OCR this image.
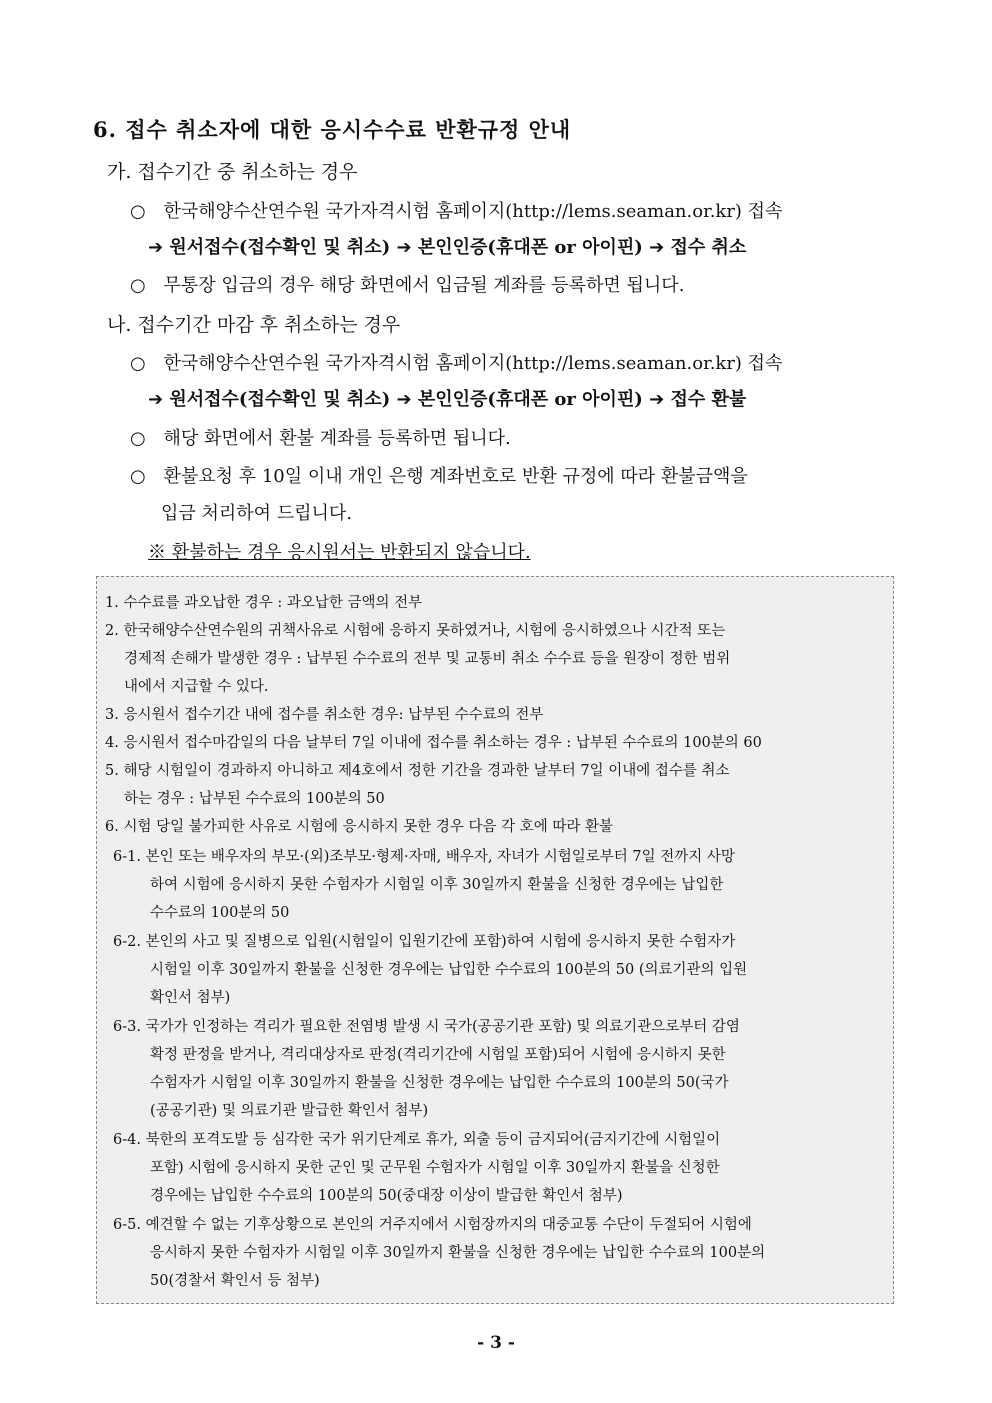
6. 접수 취소자에 대한 응시수수료 반환규정 안내
가. 접수기간 중 취소하는 경우
○ 한국해양수산연수원 국가자격시험 홈페이지(http://lems.seaman.or.kr) 접속
➔ 원서접수(접수확인 및 취소) ➔ 본인인증(휴대폰 or 아이핀) ➔ 접수 취소
○ 무통장 입금의 경우 해당 화면에서 입금될 계좌를 등록하면 됩니다.
나. 접수기간 마감 후 취소하는 경우
○ 한국해양수산연수원 국가자격시험 홈페이지(http://lems.seaman.or.kr) 접속
➔ 원서접수(접수확인 및 취소) ➔ 본인인증(휴대폰 or 아이핀) ➔ 접수 환불
○ 해당 화면에서 환불 계좌를 등록하면 됩니다.
○ 환불요청 후 10일 이내 개인 은행 계좌번호로 반환 규정에 따라 환불금액을
입금 처리하여 드립니다.
※ 환불하는 경우 응시원서는 반환되지 않습니다.
1. 수수료를 과오납한 경우 : 과오납한 금액의 전부
2. 한국해양수산연수원의 귀책사유로 시험에 응하지 못하였거나, 시험에 응시하였으나 시간적 또는
경제적 손해가 발생한 경우 : 납부된 수수료의 전부 및 교통비 취소 수수료 등을 원장이 정한 범위
내에서 지급할 수 있다.
3. 응시원서 접수기간 내에 접수를 취소한 경우: 납부된 수수료의 전부
4. 응시원서 접수마감일의 다음 날부터 7일 이내에 접수를 취소하는 경우 : 납부된 수수료의 100분의 60
5. 해당 시험일이 경과하지 아니하고 제4호에서 정한 기간을 경과한 날부터 7일 이내에 접수를 취소
하는 경우 : 납부된 수수료의 100분의 50
6. 시험 당일 불가피한 사유로 시험에 응시하지 못한 경우 다음 각 호에 따라 환불
6-1. 본인 또는 배우자의 부모·(외)조부모·형제·자매, 배우자, 자녀가 시험일로부터 7일 전까지 사망
하여 시험에 응시하지 못한 수험자가 시험일 이후 30일까지 환불을 신청한 경우에는 납입한
수수료의 100분의 50
6-2. 본인의 사고 및 질병으로 입원(시험일이 입원기간에 포함)하여 시험에 응시하지 못한 수험자가
시험일 이후 30일까지 환불을 신청한 경우에는 납입한 수수료의 100분의 50 (의료기관의 입원
확인서 첨부)
6-3. 국가가 인정하는 격리가 필요한 전염병 발생 시 국가(공공기관 포함) 및 의료기관으로부터 감염
확정 판정을 받거나, 격리대상자로 판정(격리기간에 시험일 포함)되어 시험에 응시하지 못한
수험자가 시험일 이후 30일까지 환불을 신청한 경우에는 납입한 수수료의 100분의 50(국가
(공공기관) 및 의료기관 발급한 확인서 첨부)
6-4. 북한의 포격도발 등 심각한 국가 위기단계로 휴가, 외출 등이 금지되어(금지기간에 시험일이
포함) 시험에 응시하지 못한 군인 및 군무원 수험자가 시험일 이후 30일까지 환불을 신청한
경우에는 납입한 수수료의 100분의 50(중대장 이상이 발급한 확인서 첨부)
6-5. 예견할 수 없는 기후상황으로 본인의 거주지에서 시험장까지의 대중교통 수단이 두절되어 시험에
응시하지 못한 수험자가 시험일 이후 30일까지 환불을 신청한 경우에는 납입한 수수료의 100분의
50(경찰서 확인서 등 첨부)
- 3 -
